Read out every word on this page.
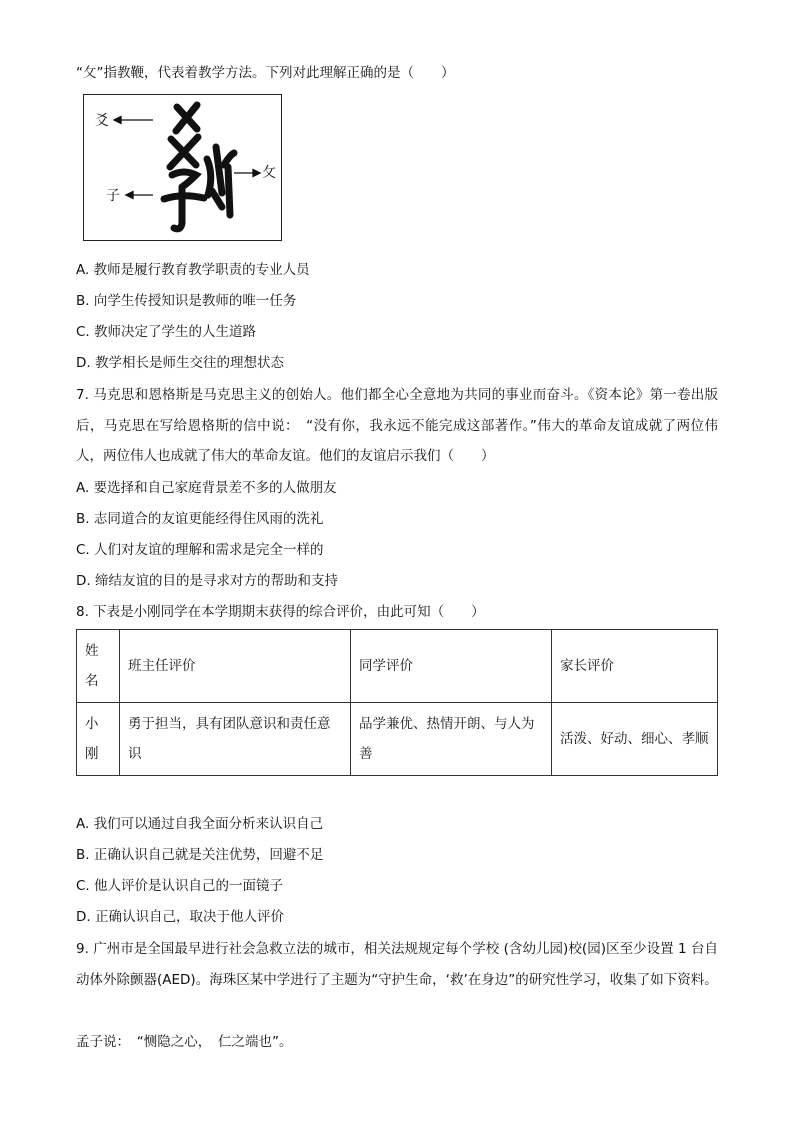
“攵”指教鞭，代表着教学方法。下列对此理解正确的是（　　）
爻
子
攵
A. 教师是履行教育教学职责的专业人员
B. 向学生传授知识是教师的唯一任务
C. 教师决定了学生的人生道路
D. 教学相长是师生交往的理想状态
7. 马克思和恩格斯是马克思主义的创始人。他们都全心全意地为共同的事业而奋斗。《资本论》第一卷出版后，马克思在写给恩格斯的信中说：　“没有你，我永远不能完成这部著作。”伟大的革命友谊成就了两位伟人，两位伟人也成就了伟大的革命友谊。他们的友谊启示我们（　　）
A. 要选择和自己家庭背景差不多的人做朋友
B. 志同道合的友谊更能经得住风雨的洗礼
C. 人们对友谊的理解和需求是完全一样的
D. 缔结友谊的目的是寻求对方的帮助和支持
8. 下表是小刚同学在本学期期末获得的综合评价，由此可知（　　）
姓名	班主任评价	同学评价	家长评价
小刚	勇于担当，具有团队意识和责任意识	品学兼优、热情开朗、与人为善	活泼、好动、细心、孝顺
A. 我们可以通过自我全面分析来认识自己
B. 正确认识自己就是关注优势，回避不足
C. 他人评价是认识自己的一面镜子
D. 正确认识自己，取决于他人评价
9. 广州市是全国最早进行社会急救立法的城市，相关法规规定每个学校 (含幼儿园)校(园)区至少设置 1 台自动体外除颤器(AED)。海珠区某中学进行了主题为“守护生命，‘救’在身边”的研究性学习，收集了如下资料。
孟子说：　“恻隐之心，　仁之端也”。
